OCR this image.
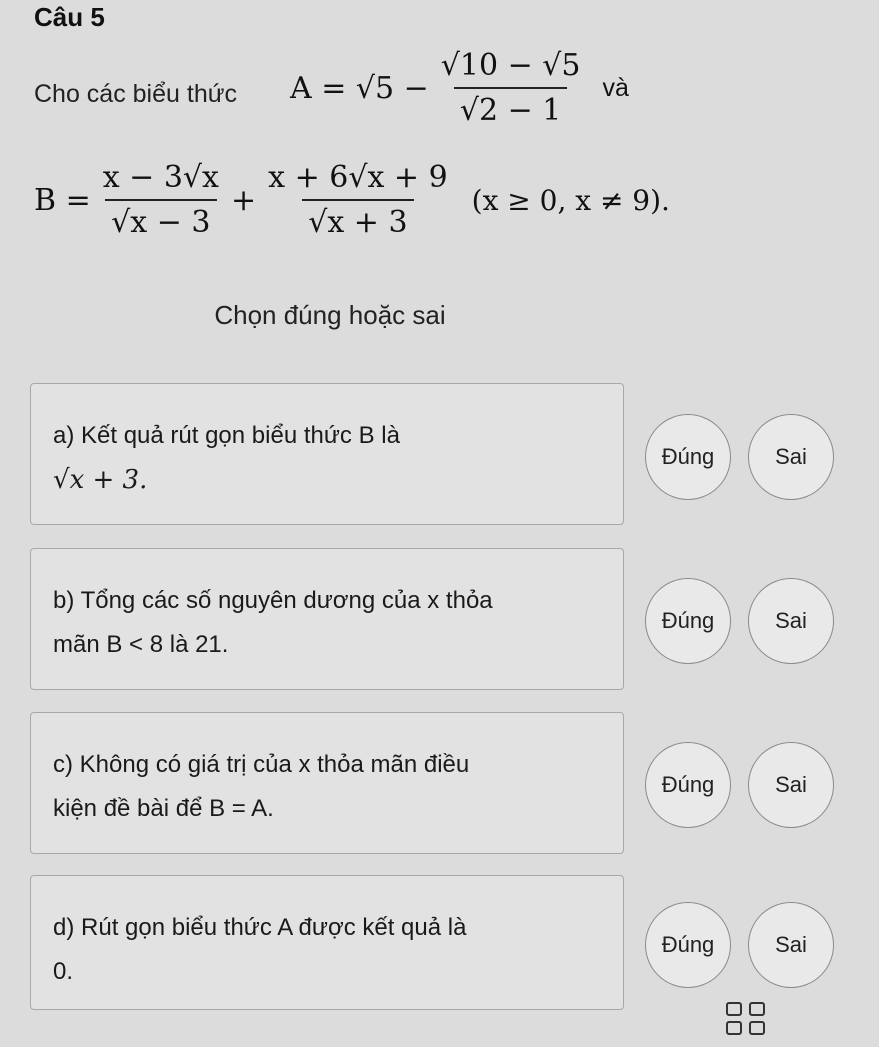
Câu 5
Cho các biểu thức $A = √5 - \frac{√10 - √5}{√2 - 1}$ và
$B = \frac{x - 3√x}{√x - 3} + \frac{x + 6√x + 9}{√x + 3} (x \ge 0$, x ≠ 9).
Chọn đúng hoặc sai
a) Kết quả rút gọn biểu thức B là
√x + 3.
Đúng	Sai
b) Tổng các số nguyên dương của x thỏa
mãn B < 8 là 21.
Đúng	Sai
c) Không có giá trị của x thỏa mãn điều
kiện đề bài để B = A.
Đúng	Sai
d) Rút gọn biểu thức A được kết quả là
0.
Đúng	Sai
